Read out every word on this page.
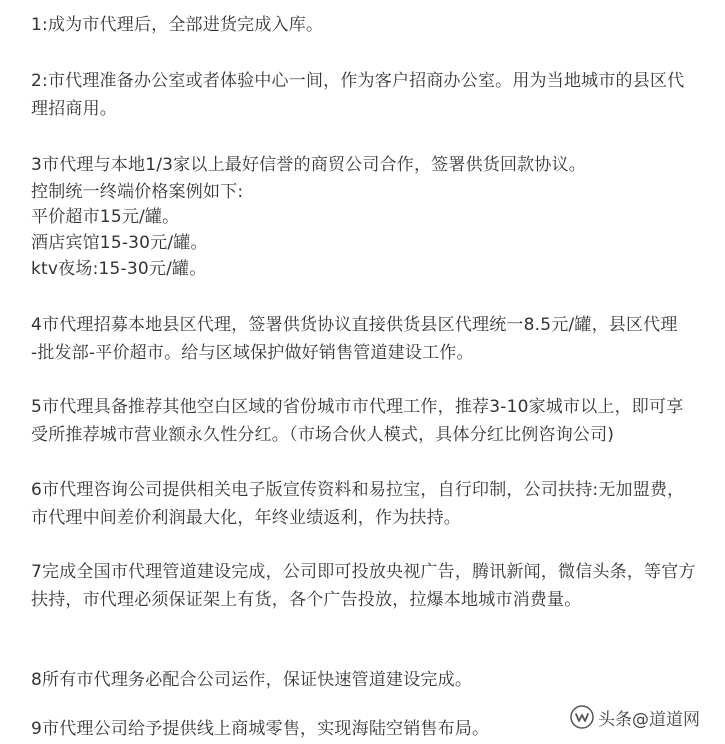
1:成为市代理后，全部进货完成入库。
2:市代理准备办公室或者体验中心一间，作为客户招商办公室。用为当地城市的县区代
理招商用。
3市代理与本地1/3家以上最好信誉的商贸公司合作，签署供货回款协议。
控制统一终端价格案例如下:
平价超市15元/罐。
酒店宾馆15-30元/罐。
ktv夜场:15-30元/罐。
4市代理招募本地县区代理，签署供货协议直接供货县区代理统一8.5元/罐，县区代理
-批发部-平价超市。给与区域保护做好销售管道建设工作。
5市代理具备推荐其他空白区域的省份城市市代理工作，推荐3-10家城市以上，即可享
受所推荐城市营业额永久性分红。（市场合伙人模式，具体分红比例咨询公司)
6市代理咨询公司提供相关电子版宣传资料和易拉宝，自行印制，公司扶持:无加盟费，
市代理中间差价利润最大化，年终业绩返利，作为扶持。
7完成全国市代理管道建设完成，公司即可投放央视广告，腾讯新闻，微信头条，等官方
扶持，市代理必须保证架上有货，各个广告投放，拉爆本地城市消费量。
8所有市代理务必配合公司运作，保证快速管道建设完成。
9市代理公司给予提供线上商城零售，实现海陆空销售布局。	头条@道道网
